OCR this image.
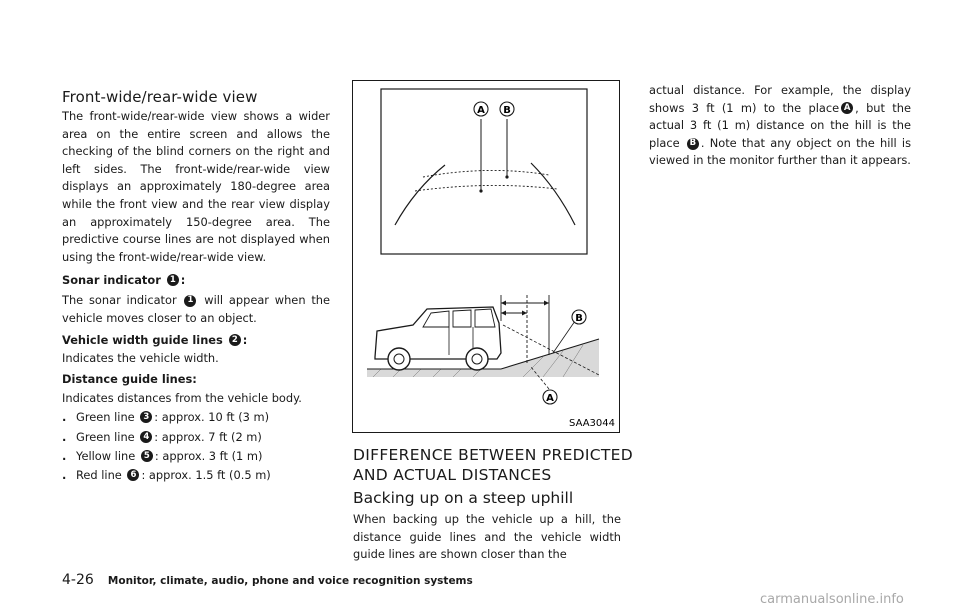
Front-wide/rear-wide view
The front-wide/rear-wide view shows a wider area on the entire screen and allows the checking of the blind corners on the right and left sides. The front-wide/rear-wide view displays an approximately 180-degree area while the front view and the rear view display an approximately 150-degree area. The predictive course lines are not displayed when using the front-wide/rear-wide view.
Sonar indicator 1 :
The sonar indicator 1 will appear when the vehicle moves closer to an object.
Vehicle width guide lines 2 :
Indicates the vehicle width.
Distance guide lines:
Indicates distances from the vehicle body.
. Green line 3 : approx. 10 ft (3 m)
. Green line 4 : approx. 7 ft (2 m)
. Yellow line 5 : approx. 3 ft (1 m)
. Red line 6 : approx. 1.5 ft (0.5 m)
A B
B
A
SAA3044
DIFFERENCE BETWEEN PREDICTED
AND ACTUAL DISTANCES
Backing up on a steep uphill
When backing up the vehicle up a hill, the distance guide lines and the vehicle width guide lines are shown closer than the
actual distance. For example, the display shows 3 ft (1 m) to the place A , but the actual 3 ft (1 m) distance on the hill is the place B . Note that any object on the hill is viewed in the monitor further than it appears.
4-26 Monitor, climate, audio, phone and voice recognition systems
carmanualsonline.info
